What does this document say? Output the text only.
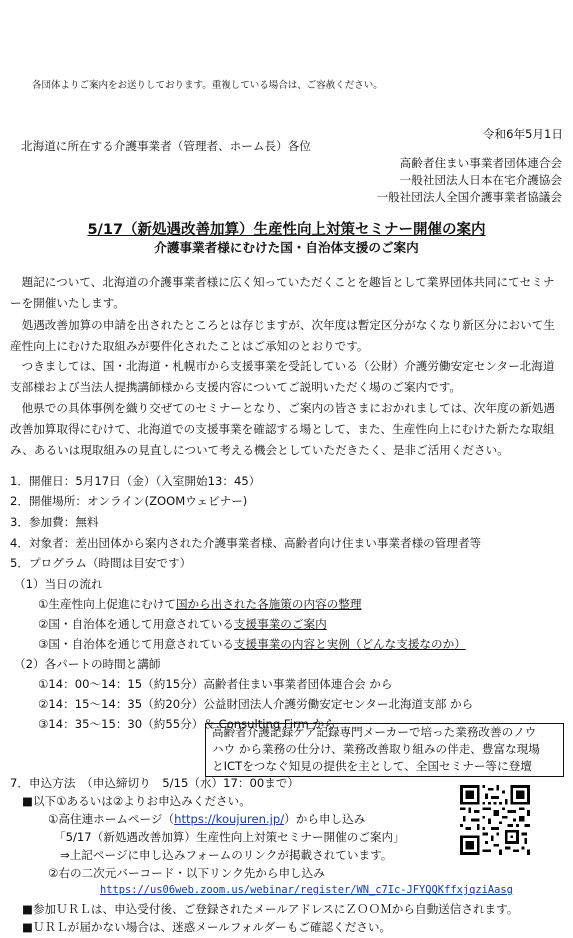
各団体よりご案内をお送りしております。重複している場合は、ご容赦ください。
令和6年5月1日
北海道に所在する介護事業者（管理者、ホーム長）各位
高齢者住まい事業者団体連合会
一般社団法人日本在宅介護協会
一般社団法人全国介護事業者協議会
5/17（新処遇改善加算）生産性向上対策セミナー開催の案内
介護事業者様にむけた国・自治体支援のご案内
　題記について、北海道の介護事業者様に広く知っていただくことを趣旨として業界団体共同にてセミナーを開催いたします。
　処遇改善加算の申請を出されたところとは存じますが、次年度は暫定区分がなくなり新区分において生産性向上にむけた取組みが要件化されたことはご承知のとおりです。
　つきましては、国・北海道・札幌市から支援事業を受託している（公財）介護労働安定センター北海道支部様および当法人提携講師様から支援内容についてご説明いただく場のご案内です。
　他県での具体事例を織り交ぜてのセミナーとなり、ご案内の皆さまにおかれましては、次年度の新処遇改善加算取得にむけて、北海道での支援事業を確認する場として、また、生産性向上にむけた新たな取組み、あるいは現取組みの見直しについて考える機会としていただきたく、是非ご活用ください。
1．開催日：5月17日（金）（入室開始13：45）
2．開催場所：オンライン(ZOOMウェビナー)
3．参加費：無料
4．対象者：差出団体から案内された介護事業者様、高齢者向け住まい事業者様の管理者等
5．プログラム（時間は目安です）
（1）当日の流れ
①生産性向上促進にむけて国から出された各施策の内容の整理
②国・自治体を通して用意されている支援事業のご案内
③国・自治体を通じて用意されている支援事業の内容と実例（どんな支援なのか）
（2）各パートの時間と講師
①14：00～14：15（約15分）高齢者住まい事業者団体連合会 から
②14：15～14：35（約20分）公益財団法人介護労働安定センター北海道支部 から
③14：35～15：30（約55分）＆ Consulting Firm から
高齢者介護記録ケア記録専門メーカーで培った業務改善のノウ
ハウ から業務の仕分け、業務改善取り組みの伴走、豊富な現場
とICTをつなぐ知見の提供を主として、全国セミナー等に登壇
7．申込方法　（申込締切り　5/15（水）17：00まで）
■以下①あるいは②よりお申込みください。
①高住連ホームページ（https://koujuren.jp/）から申し込み
「5/17（新処遇改善加算）生産性向上対策セミナー開催のご案内」
⇒上記ページに申し込みフォームのリンクが掲載されています。
②右の二次元バーコード・以下リンク先から申し込み
https://us06web.zoom.us/webinar/register/WN_c7Ic-JFYQQKffxjqziAasg
■参加ＵＲＬは、申込受付後、ご登録されたメールアドレスにＺＯＯＭから自動送信されます。
■ＵＲＬが届かない場合は、迷惑メールフォルダーもご確認ください。
